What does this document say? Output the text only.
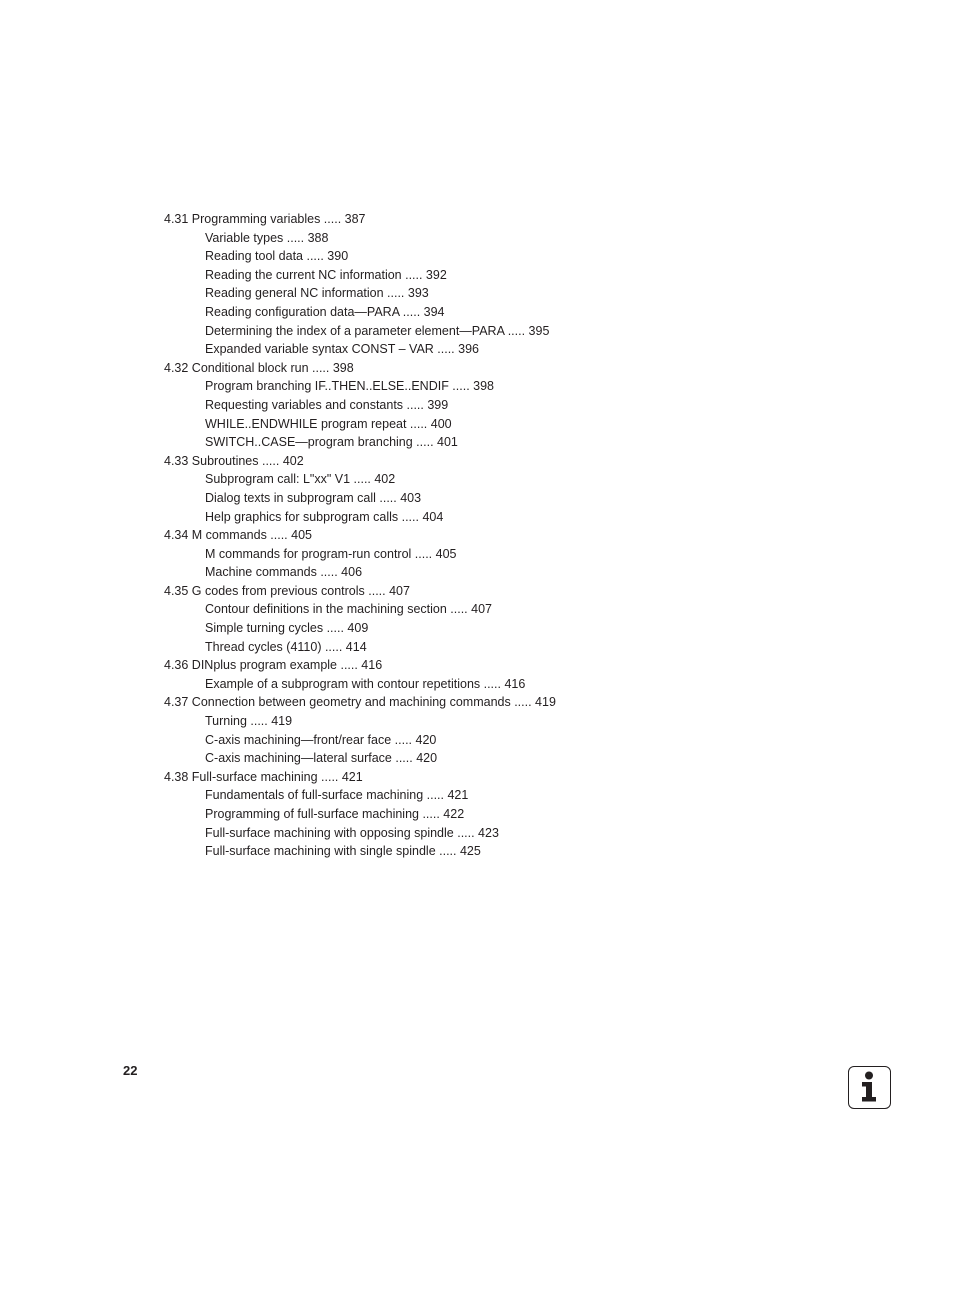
4.31 Programming variables ..... 387
Variable types ..... 388
Reading tool data ..... 390
Reading the current NC information ..... 392
Reading general NC information ..... 393
Reading configuration data—PARA ..... 394
Determining the index of a parameter element—PARA ..... 395
Expanded variable syntax CONST – VAR ..... 396
4.32 Conditional block run ..... 398
Program branching IF..THEN..ELSE..ENDIF ..... 398
Requesting variables and constants ..... 399
WHILE..ENDWHILE program repeat ..... 400
SWITCH..CASE—program branching ..... 401
4.33 Subroutines ..... 402
Subprogram call: L"xx" V1 ..... 402
Dialog texts in subprogram call ..... 403
Help graphics for subprogram calls ..... 404
4.34 M commands ..... 405
M commands for program-run control ..... 405
Machine commands ..... 406
4.35 G codes from previous controls ..... 407
Contour definitions in the machining section ..... 407
Simple turning cycles ..... 409
Thread cycles (4110) ..... 414
4.36 DINplus program example ..... 416
Example of a subprogram with contour repetitions ..... 416
4.37 Connection between geometry and machining commands ..... 419
Turning ..... 419
C-axis machining—front/rear face ..... 420
C-axis machining—lateral surface ..... 420
4.38 Full-surface machining ..... 421
Fundamentals of full-surface machining ..... 421
Programming of full-surface machining ..... 422
Full-surface machining with opposing spindle ..... 423
Full-surface machining with single spindle ..... 425
22
